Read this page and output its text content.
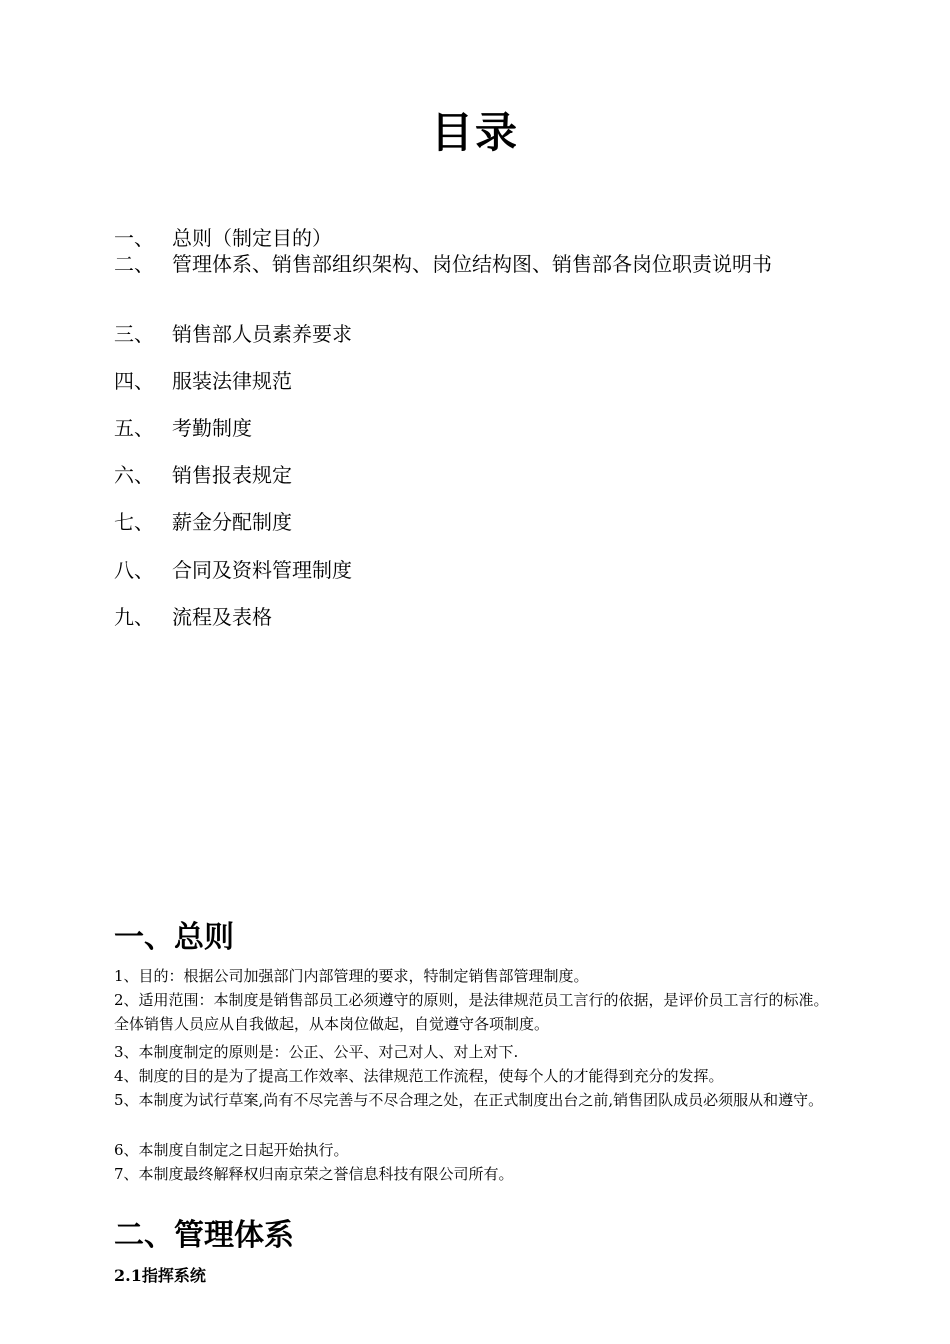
目录
一、 总则（制定目的）
二、 管理体系、销售部组织架构、岗位结构图、销售部各岗位职责说明书
三、 销售部人员素养要求
四、 服装法律规范
五、 考勤制度
六、 销售报表规定
七、 薪金分配制度
八、 合同及资料管理制度
九、 流程及表格
一、总则
1、目的：根据公司加强部门内部管理的要求，特制定销售部管理制度。
2、适用范围：本制度是销售部员工必须遵守的原则，是法律规范员工言行的依据，是评价员工言行的标准。全体销售人员应从自我做起，从本岗位做起，自觉遵守各项制度。
3、本制度制定的原则是：公正、公平、对己对人、对上对下.
4、制度的目的是为了提高工作效率、法律规范工作流程，使每个人的才能得到充分的发挥。
5、本制度为试行草案,尚有不尽完善与不尽合理之处，在正式制度出台之前,销售团队成员必须服从和遵守。
6、本制度自制定之日起开始执行。
7、本制度最终解释权归南京荣之誉信息科技有限公司所有。
二、管理体系
2.1指挥系统
